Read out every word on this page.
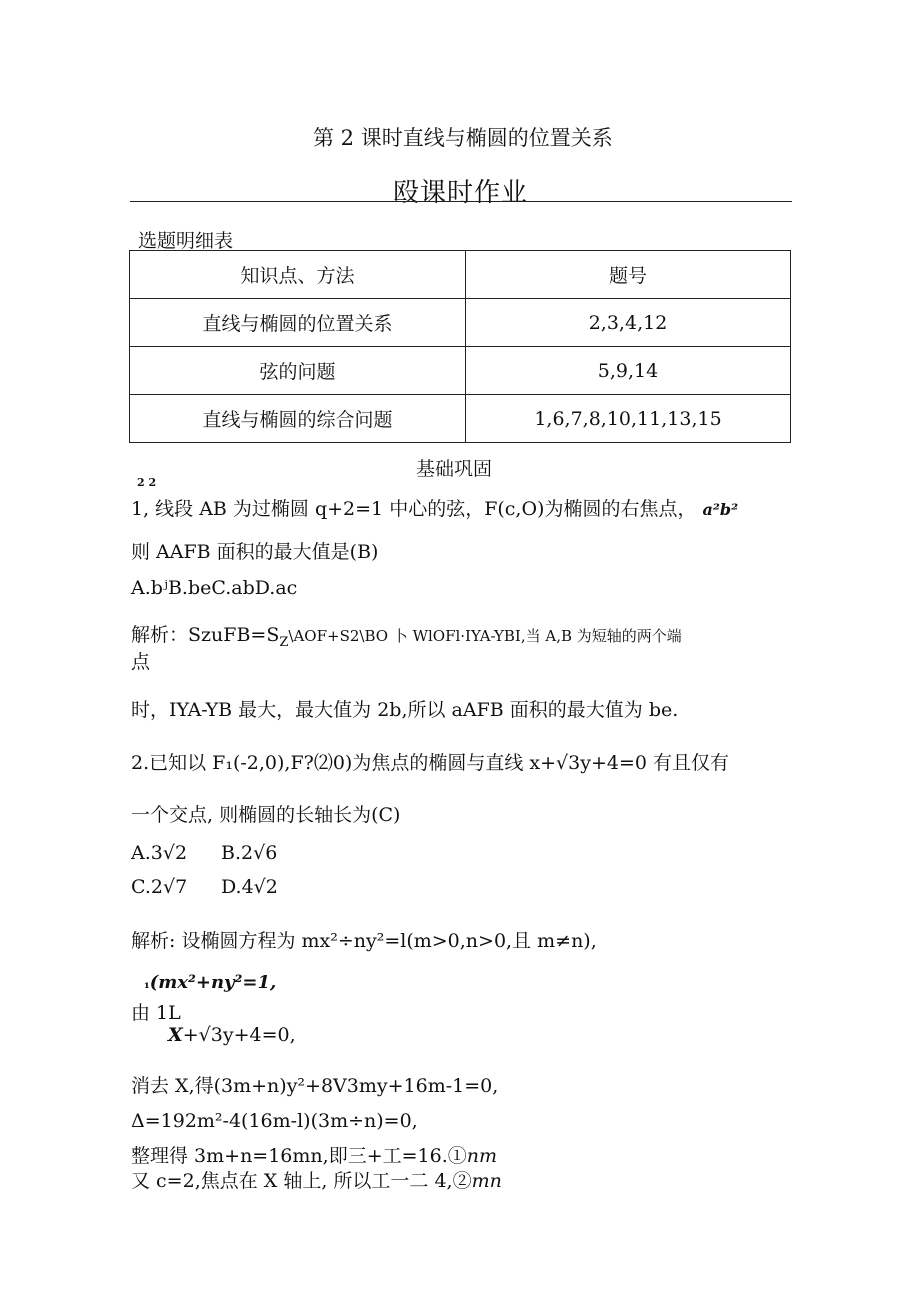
第 2 课时直线与椭圆的位置关系
殴课时作业
选题明细表
知识点、方法	题号
直线与椭圆的位置关系	2,3,4,12
弦的问题	5,9,14
直线与椭圆的综合问题	1,6,7,8,10,11,13,15
基础巩固
2 2
1, 线段 AB 为过椭圆 q+2=1 中心的弦，F(c,O)为椭圆的右焦点， a²b²
则 AAFB 面积的最大值是(B)
A.bʲB.beC.abD.ac
解析：$SzuFB=S_Z\backslash AOF+S2\backslash BO$ 卜 WlOFl·IYA-YBI,当 A,B 为短轴的两个端
点
时，IYA-YB 最大，最大值为 2b,所以 aAFB 面积的最大值为 be.
2.已知以 F₁(-2,0),F?⑵0)为焦点的椭圆与直线 x+√3y+4=0 有且仅有
一个交点, 则椭圆的长轴长为(C)
A.3√2 B.2√6
C.2√7 D.4√2
解析: 设椭圆方程为 mx²÷ny²=l(m>0,n>0,且 m≠n),
₁(mx²+ny²=1,
由 1L
X+√3y+4=0,
消去 X,得(3m+n)y²+8V3my+16m-1=0,
Δ=192m²-4(16m-l)(3m÷n)=0,
整理得 3m+n=16mn,即三+工=16.①nm
又 c=2,焦点在 X 轴上, 所以工一二 4,②mn
